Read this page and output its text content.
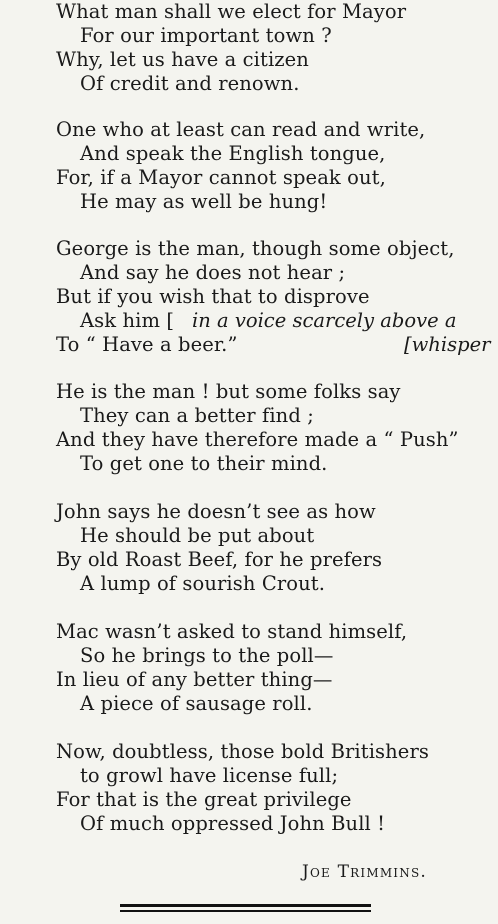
What man shall we elect for Mayor
For our important town ?
Why, let us have a citizen
Of credit and renown.
One who at least can read and write,
And speak the English tongue,
For, if a Mayor cannot speak out,
He may as well be hung!
George is the man, though some object,
And say he does not hear ;
But if you wish that to disprove
Ask him [ in a voice scarcely above a
To “ Have a beer.”	[whisper
He is the man ! but some folks say
They can a better find ;
And they have therefore made a “ Push”
To get one to their mind.
John says he doesn’t see as how
He should be put about
By old Roast Beef, for he prefers
A lump of sourish Crout.
Mac wasn’t asked to stand himself,
So he brings to the poll—
In lieu of any better thing—
A piece of sausage roll.
Now, doubtless, those bold Britishers
to growl have license full;
For that is the great privilege
Of much oppressed John Bull !
Joe Trimmins.
